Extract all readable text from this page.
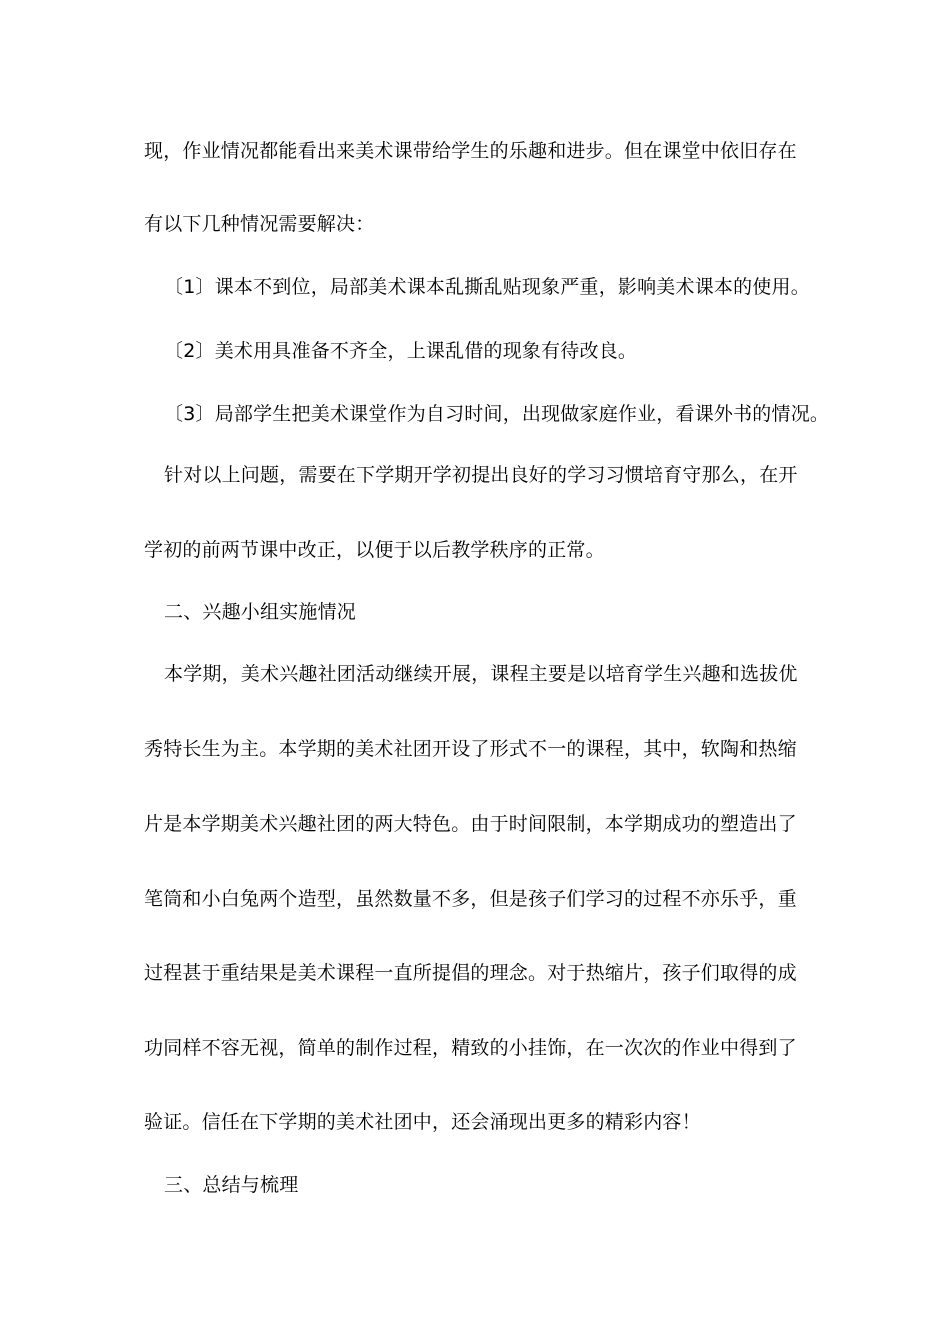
现，作业情况都能看出来美术课带给学生的乐趣和进步。但在课堂中依旧存在
有以下几种情况需要解决：
〔1〕课本不到位，局部美术课本乱撕乱贴现象严重，影响美术课本的使用。
〔2〕美术用具准备不齐全，上课乱借的现象有待改良。
〔3〕局部学生把美术课堂作为自习时间，出现做家庭作业，看课外书的情况。
针对以上问题，需要在下学期开学初提出良好的学习习惯培育守那么，在开
学初的前两节课中改正，以便于以后教学秩序的正常。
二、兴趣小组实施情况
本学期，美术兴趣社团活动继续开展，课程主要是以培育学生兴趣和选拔优
秀特长生为主。本学期的美术社团开设了形式不一的课程，其中，软陶和热缩
片是本学期美术兴趣社团的两大特色。由于时间限制，本学期成功的塑造出了
笔筒和小白兔两个造型，虽然数量不多，但是孩子们学习的过程不亦乐乎，重
过程甚于重结果是美术课程一直所提倡的理念。对于热缩片，孩子们取得的成
功同样不容无视，简单的制作过程，精致的小挂饰，在一次次的作业中得到了
验证。信任在下学期的美术社团中，还会涌现出更多的精彩内容！
三、总结与梳理
